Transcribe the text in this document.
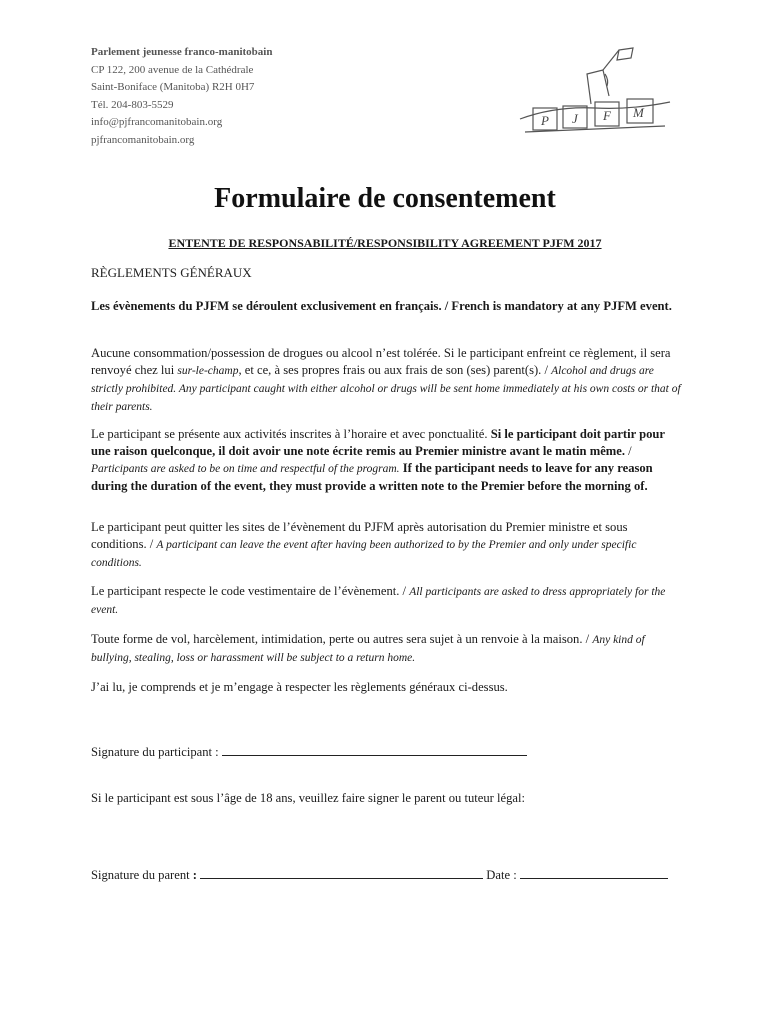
Parlement jeunesse franco-manitobain
CP 122, 200 avenue de la Cathédrale
Saint-Boniface (Manitoba) R2H 0H7
Tél. 204-803-5529
info@pjfrancomanitobain.org
pjfrancomanitobain.org
P J F M
Formulaire de consentement
ENTENTE DE RESPONSABILITÉ/RESPONSIBILITY AGREEMENT PJFM 2017
RÈGLEMENTS GÉNÉRAUX

Les évènements du PJFM se déroulent exclusivement en français. / French is mandatory at any PJFM event.

Aucune consommation/possession de drogues ou alcool n’est tolérée. Si le participant enfreint ce règlement, il sera renvoyé chez lui sur-le-champ, et ce, à ses propres frais ou aux frais de son (ses) parent(s). / Alcohol and drugs are strictly prohibited. Any participant caught with either alcohol or drugs will be sent home immediately at his own costs or that of their parents.

Le participant se présente aux activités inscrites à l’horaire et avec ponctualité. Si le participant doit partir pour une raison quelconque, il doit avoir une note écrite remis au Premier ministre avant le matin même. / Participants are asked to be on time and respectful of the program. If the participant needs to leave for any reason during the duration of the event, they must provide a written note to the Premier before the morning of.

Le participant peut quitter les sites de l’évènement du PJFM après autorisation du Premier ministre et sous conditions. / A participant can leave the event after having been authorized to by the Premier and only under specific conditions.

Le participant respecte le code vestimentaire de l’évènement. / All participants are asked to dress appropriately for the event.

Toute forme de vol, harcèlement, intimidation, perte ou autres sera sujet à un renvoie à la maison. / Any kind of bullying, stealing, loss or harassment will be subject to a return home.

J’ai lu, je comprends et je m’engage à respecter les règlements généraux ci-dessus.

Signature du participant :
Si le participant est sous l’âge de 18 ans, veuillez faire signer le parent ou tuteur légal:
Signature du parent :	Date :
